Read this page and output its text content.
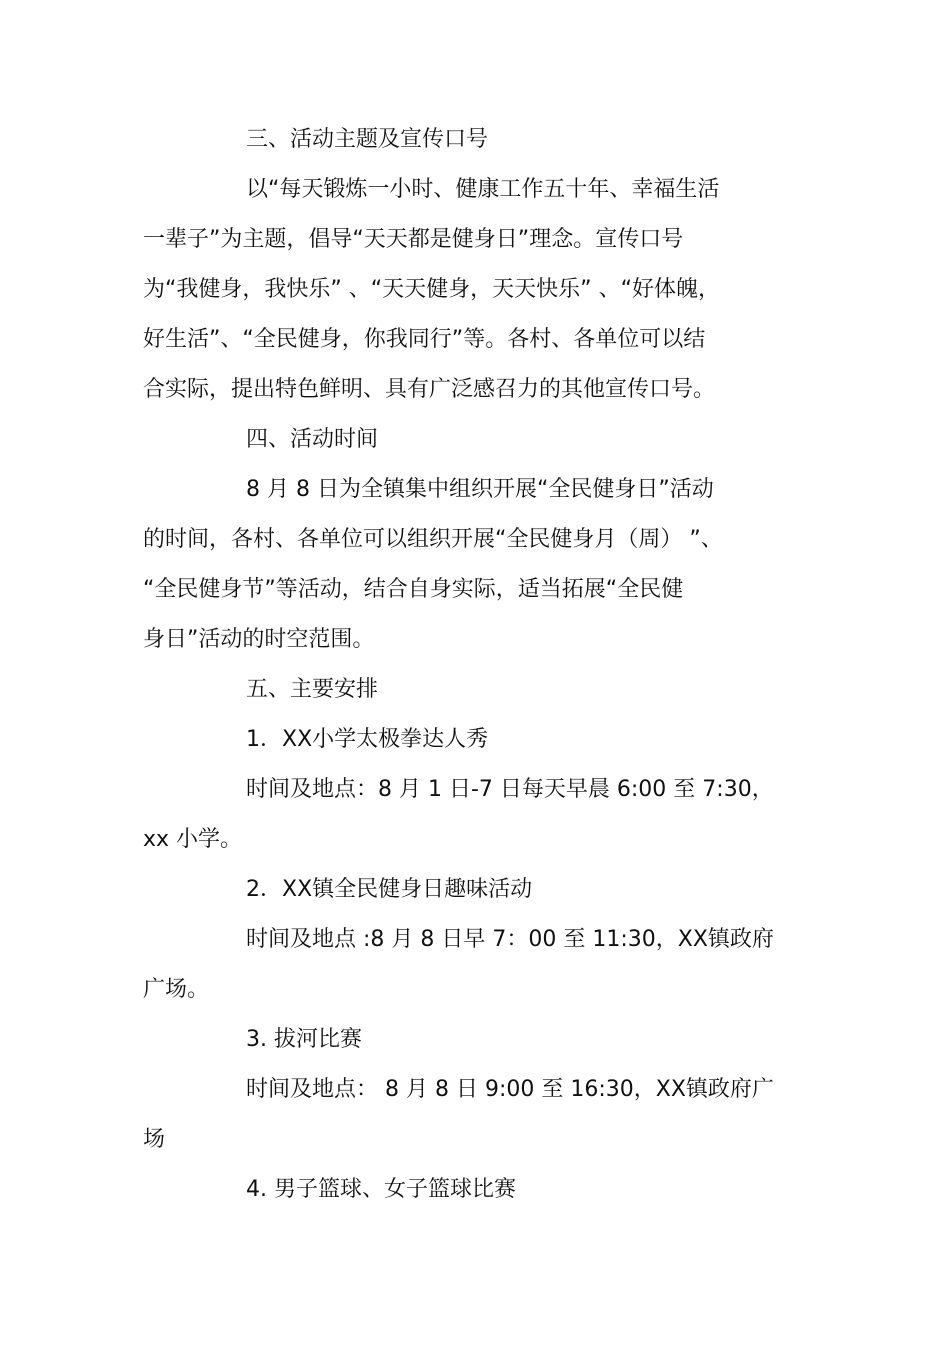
三、活动主题及宣传口号

以“每天锻炼一小时、健康工作五十年、幸福生活

一辈子”为主题，倡导“天天都是健身日”理念。宣传口号

为“我健身，我快乐” 、“天天健身，天天快乐” 、“好体魄，

好生活”、“全民健身，你我同行”等。各村、各单位可以结

合实际，提出特色鲜明、具有广泛感召力的其他宣传口号。

四、活动时间

8 月 8 日为全镇集中组织开展“全民健身日”活动

的时间，各村、各单位可以组织开展“全民健身月（周） ”、

“全民健身节”等活动，结合自身实际，适当拓展“全民健

身日”活动的时空范围。

五、主要安排

1．XX小学太极拳达人秀

时间及地点：8 月 1 日-7 日每天早晨 6:00 至 7:30，

xx 小学。

2．XX镇全民健身日趣味活动

时间及地点 :8 月 8 日早 7：00 至 11:30，XX镇政府

广场。

3. 拔河比赛

时间及地点： 8 月 8 日 9:00 至 16:30，XX镇政府广

场

4. 男子篮球、女子篮球比赛
